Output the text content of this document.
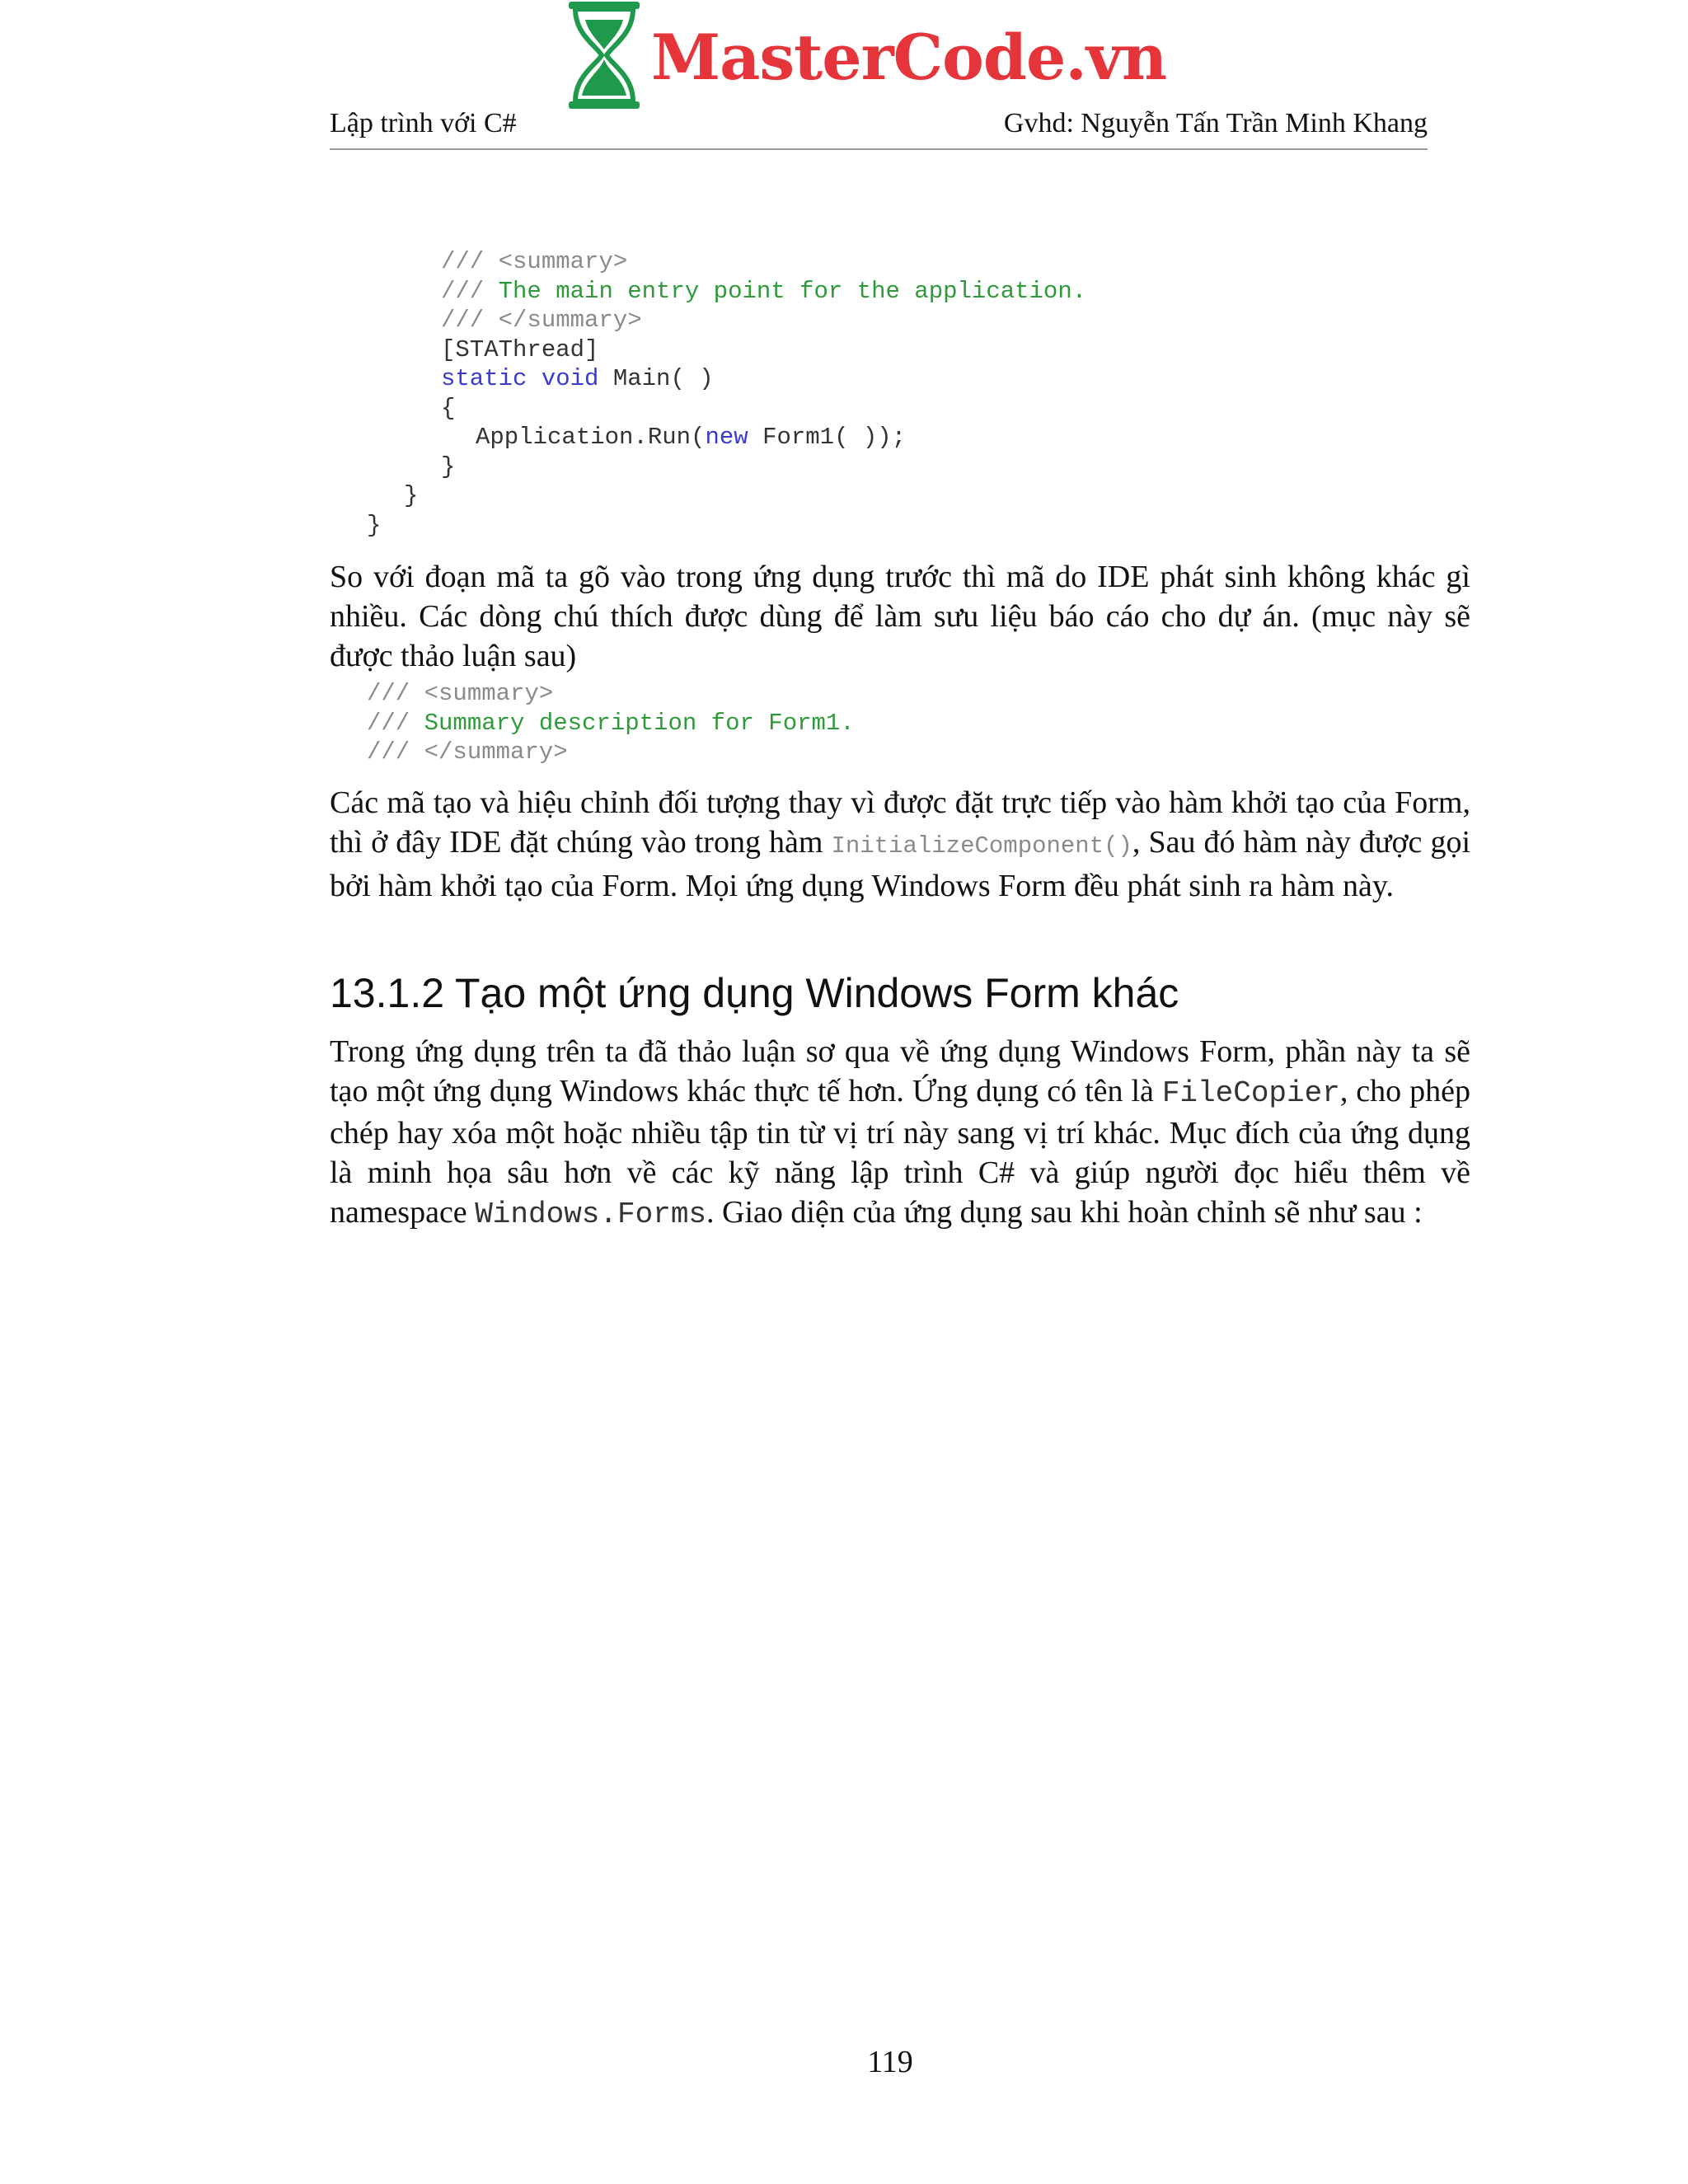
MasterCode.vn
Lập trình với C#	Gvhd: Nguyễn Tấn Trần Minh Khang
/// <summary>
/// The main entry point for the application.
/// </summary>
[STAThread]
static void Main( )
{
Application.Run(new Form1( ));
}
}
}
So với đoạn mã ta gõ vào trong ứng dụng trước thì mã do IDE phát sinh không khác gì nhiều. Các dòng chú thích được dùng để làm sưu liệu báo cáo cho dự án. (mục này sẽ được thảo luận sau)
/// <summary>
/// Summary description for Form1.
/// </summary>
Các mã tạo và hiệu chỉnh đối tượng thay vì được đặt trực tiếp vào hàm khởi tạo của Form, thì ở đây IDE đặt chúng vào trong hàm InitializeComponent(), Sau đó hàm này được gọi bởi hàm khởi tạo của Form. Mọi ứng dụng Windows Form đều phát sinh ra hàm này.
13.1.2 Tạo một ứng dụng Windows Form khác
Trong ứng dụng trên ta đã thảo luận sơ qua về ứng dụng Windows Form, phần này ta sẽ tạo một ứng dụng Windows khác thực tế hơn. Ứng dụng có tên là FileCopier, cho phép chép hay xóa một hoặc nhiều tập tin từ vị trí này sang vị trí khác. Mục đích của ứng dụng là minh họa sâu hơn về các kỹ năng lập trình C# và giúp người đọc hiểu thêm về namespace Windows.Forms. Giao diện của ứng dụng sau khi hoàn chỉnh sẽ như sau :
119
